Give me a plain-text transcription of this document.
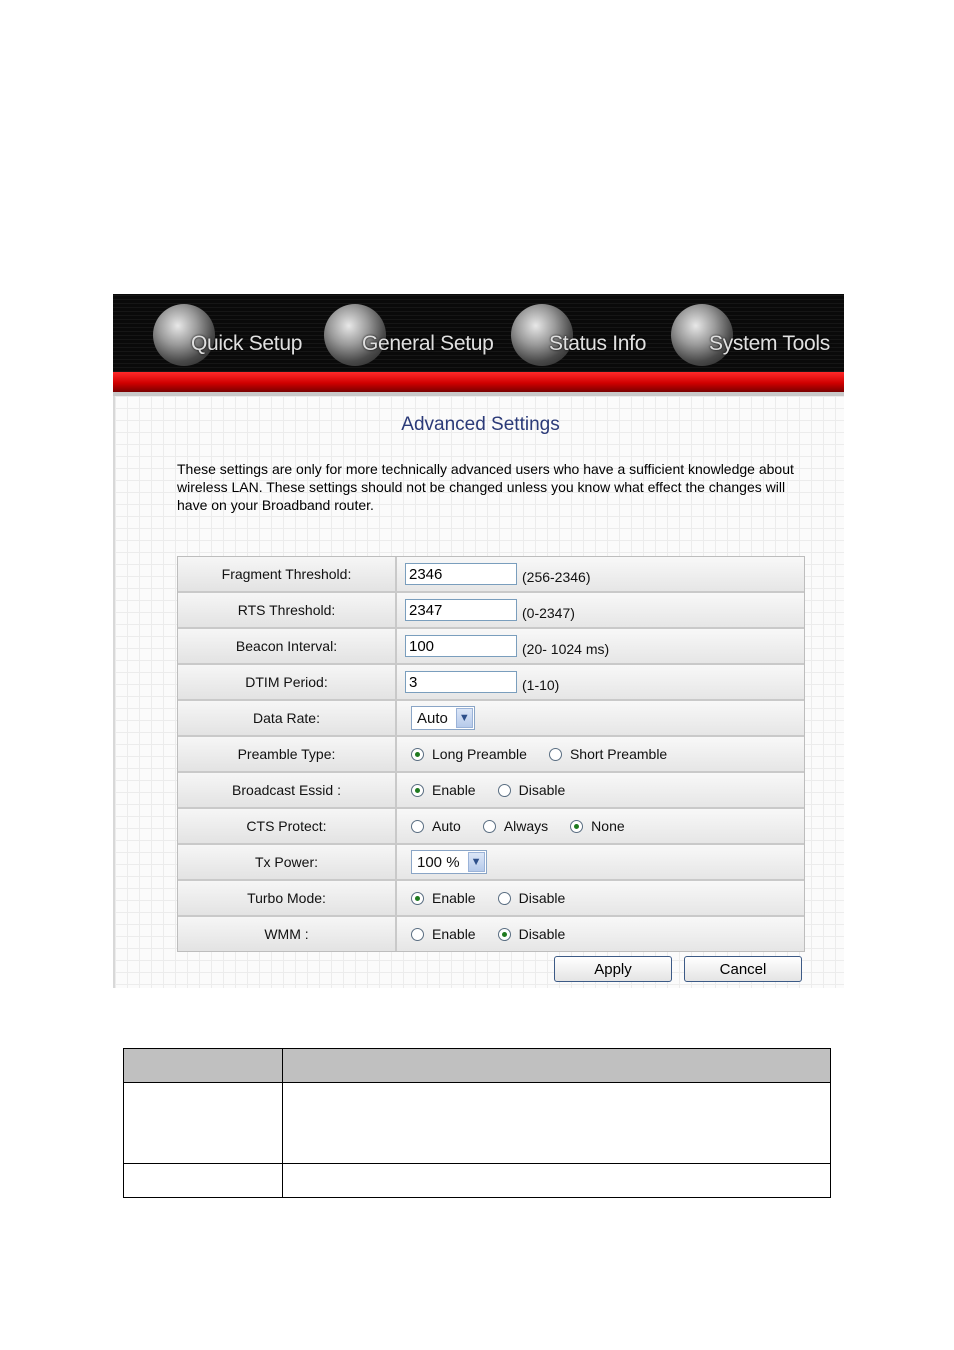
Quick Setup	General Setup	Status Info	System Tools
Advanced Settings
These settings are only for more technically advanced users who have a sufficient knowledge about wireless LAN. These settings should not be changed unless you know what effect the changes will have on your Broadband router.
Fragment Threshold:
2346	(256-2346)
RTS Threshold:
2347	(0-2347)
Beacon Interval:
100	(20- 1024 ms)
DTIM Period:
3	(1-10)
Data Rate:	Auto ▼
Preamble Type:	Long Preamble	Short Preamble
Broadcast Essid :	Enable	Disable
CTS Protect:	Auto	Always	None
Tx Power:	100 % ▼
Turbo Mode:	Enable	Disable
WMM :	Enable	Disable
Apply	Cancel
